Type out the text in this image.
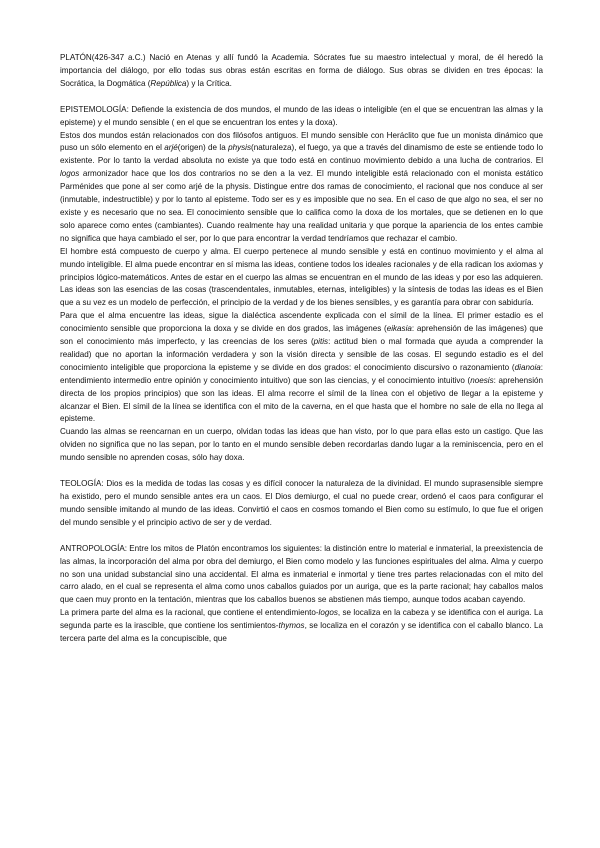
PLATÓN(426-347 a.C.) Nació en Atenas y allí fundó la Academia. Sócrates fue su maestro intelectual y moral, de él heredó la importancia del diálogo, por ello todas sus obras están escritas en forma de diálogo. Sus obras se dividen en tres épocas: la Socrática, la Dogmática (República) y la Crítica.

EPISTEMOLOGÍA: Defiende la existencia de dos mundos, el mundo de las ideas o inteligible (en el que se encuentran las almas y la episteme) y el mundo sensible ( en el que se encuentran los entes y la doxa).

Estos dos mundos están relacionados con dos filósofos antiguos. El mundo sensible con Heráclito que fue un monista dinámico que puso un sólo elemento en el arjé(origen) de la physis(naturaleza), el fuego, ya que a través del dinamismo de este se entiende todo lo existente. Por lo tanto la verdad absoluta no existe ya que todo está en continuo movimiento debido a una lucha de contrarios. El logos armonizador hace que los dos contrarios no se den a la vez. El mundo inteligible está relacionado con el monista estático Parménides que pone al ser como arjé de la physis. Distingue entre dos ramas de conocimiento, el racional que nos conduce al ser (inmutable, indestructible) y por lo tanto al episteme. Todo ser es y es imposible que no sea. En el caso de que algo no sea, el ser no existe y es necesario que no sea. El conocimiento sensible que lo califica como la doxa de los mortales, que se detienen en lo que solo aparece como entes (cambiantes). Cuando realmente hay una realidad unitaria y que porque la apariencia de los entes cambie no significa que haya cambiado el ser, por lo que para encontrar la verdad tendríamos que rechazar el cambio.

El hombre está compuesto de cuerpo y alma. El cuerpo pertenece al mundo sensible y está en continuo movimiento y el alma al mundo inteligible. El alma puede encontrar en sí misma las ideas, contiene todos los ideales racionales y de ella radican los axiomas y principios lógico-matemáticos. Antes de estar en el cuerpo las almas se encuentran en el mundo de las ideas y por eso las adquieren. Las ideas son las esencias de las cosas (trascendentales, inmutables, eternas, inteligibles) y la síntesis de todas las ideas es el Bien que a su vez es un modelo de perfección, el principio de la verdad y de los bienes sensibles, y es garantía para obrar con sabiduría.

Para que el alma encuentre las ideas, sigue la dialéctica ascendente explicada con el símil de la línea. El primer estadio es el conocimiento sensible que proporciona la doxa y se divide en dos grados, las imágenes (eikasia: aprehensión de las imágenes) que son el conocimiento más imperfecto, y las creencias de los seres (pitis: actitud bien o mal formada que ayuda a comprender la realidad) que no aportan la información verdadera y son la visión directa y sensible de las cosas. El segundo estadio es el del conocimiento inteligible que proporciona la episteme y se divide en dos grados: el conocimiento discursivo o razonamiento (dianoia: entendimiento intermedio entre opinión y conocimiento intuitivo) que son las ciencias, y el conocimiento intuitivo (noesis: aprehensión directa de los propios principios) que son las ideas. El alma recorre el símil de la línea con el objetivo de llegar a la episteme y alcanzar el Bien. El símil de la línea se identifica con el mito de la caverna, en el que hasta que el hombre no sale de ella no llega al episteme.

Cuando las almas se reencarnan en un cuerpo, olvidan todas las ideas que han visto, por lo que para ellas esto un castigo. Que las olviden no significa que no las sepan, por lo tanto en el mundo sensible deben recordarlas dando lugar a la reminiscencia, pero en el mundo sensible no aprenden cosas, sólo hay doxa.

TEOLOGÍA: Dios es la medida de todas las cosas y es difícil conocer la naturaleza de la divinidad. El mundo suprasensible siempre ha existido, pero el mundo sensible antes era un caos. El Dios demiurgo, el cual no puede crear, ordenó el caos para configurar el mundo sensible imitando al mundo de las ideas. Convirtió el caos en cosmos tomando el Bien como su estímulo, lo que fue el origen del mundo sensible y el principio activo de ser y de verdad.

ANTROPOLOGÍA: Entre los mitos de Platón encontramos los siguientes: la distinción entre lo material e inmaterial, la preexistencia de las almas, la incorporación del alma por obra del demiurgo, el Bien como modelo y las funciones espirituales del alma. Alma y cuerpo no son una unidad substancial sino una accidental. El alma es inmaterial e inmortal y tiene tres partes relacionadas con el mito del carro alado, en el cual se representa el alma como unos caballos guiados por un auriga, que es la parte racional; hay caballos malos que caen muy pronto en la tentación, mientras que los caballos buenos se abstienen más tiempo, aunque todos acaban cayendo.

La primera parte del alma es la racional, que contiene el entendimiento-logos, se localiza en la cabeza y se identifica con el auriga. La segunda parte es la irascible, que contiene los sentimientos-thymos, se localiza en el corazón y se identifica con el caballo blanco. La tercera parte del alma es la concupiscible, que
